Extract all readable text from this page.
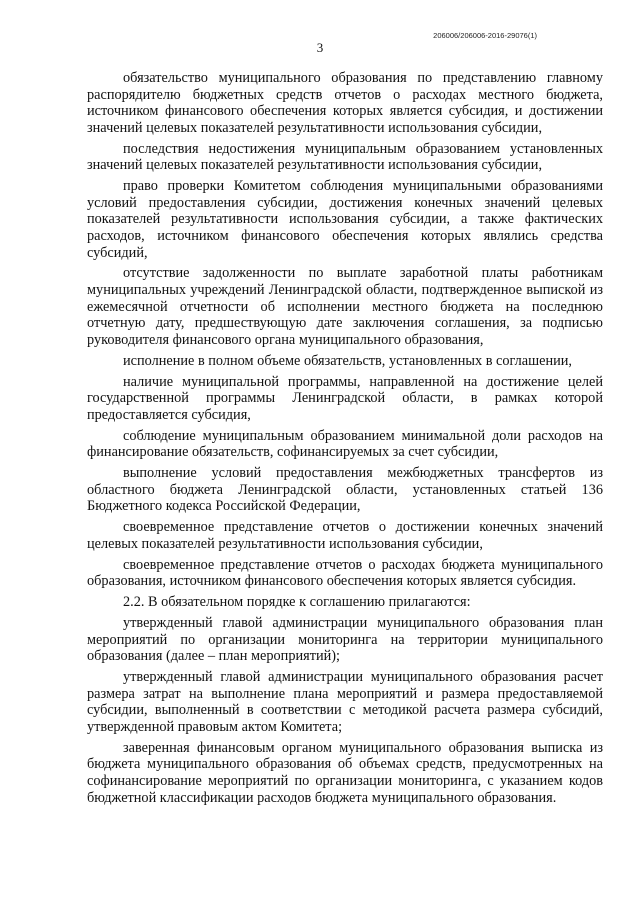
206006/206006-2016-29076(1)
3

обязательство муниципального образования по представлению главному распорядителю бюджетных средств отчетов о расходах местного бюджета, источником финансового обеспечения которых является субсидия, и достижении значений целевых показателей результативности использования субсидии,

последствия недостижения муниципальным образованием установленных значений целевых показателей результативности использования субсидии,

право проверки Комитетом соблюдения муниципальными образованиями условий предоставления субсидии, достижения конечных значений целевых показателей результативности использования субсидии, а также фактических расходов, источником финансового обеспечения которых являлись средства субсидий,

отсутствие задолженности по выплате заработной платы работникам муниципальных учреждений Ленинградской области, подтвержденное выпиской из ежемесячной отчетности об исполнении местного бюджета на последнюю отчетную дату, предшествующую дате заключения соглашения, за подписью руководителя финансового органа муниципального образования,

исполнение в полном объеме обязательств, установленных в соглашении,

наличие муниципальной программы, направленной на достижение целей государственной программы Ленинградской области, в рамках которой предоставляется субсидия,

соблюдение муниципальным образованием минимальной доли расходов на финансирование обязательств, софинансируемых за счет субсидии,

выполнение условий предоставления межбюджетных трансфертов из областного бюджета Ленинградской области, установленных статьей 136 Бюджетного кодекса Российской Федерации,

своевременное представление отчетов о достижении конечных значений целевых показателей результативности использования субсидии,

своевременное представление отчетов о расходах бюджета муниципального образования, источником финансового обеспечения которых является субсидия.

2.2. В обязательном порядке к соглашению прилагаются:

утвержденный главой администрации муниципального образования план мероприятий по организации мониторинга на территории муниципального образования (далее – план мероприятий);

утвержденный главой администрации муниципального образования расчет размера затрат на выполнение плана мероприятий и размера предоставляемой субсидии, выполненный в соответствии с методикой расчета размера субсидий, утвержденной правовым актом Комитета;

заверенная финансовым органом муниципального образования выписка из бюджета муниципального образования об объемах средств, предусмотренных на софинансирование мероприятий по организации мониторинга, с указанием кодов бюджетной классификации расходов бюджета муниципального образования.
